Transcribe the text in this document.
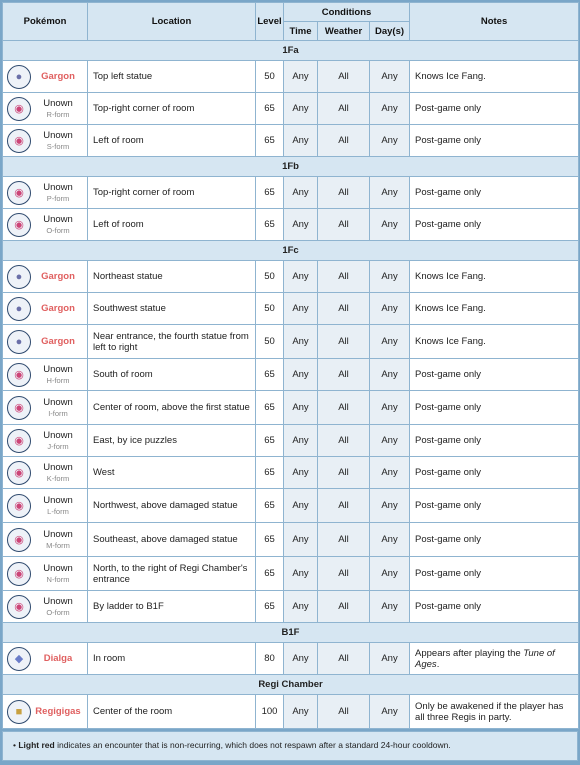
Pokémon	Location	Level	Conditions			Notes
			Time	Weather	Day(s)	
1Fa						

● Gargon	Top left statue	50	Any	All	Any	Knows Ice Fang.

◉ Unown
R-form	Top-right corner of room	65	Any	All	Any	Post-game only

◉ Unown
S-form	Left of room	65	Any	All	Any	Post-game only
1Fb						

◉ Unown
P-form	Top-right corner of room	65	Any	All	Any	Post-game only

◉ Unown
O-form	Left of room	65	Any	All	Any	Post-game only
1Fc						

● Gargon	Northeast statue	50	Any	All	Any	Knows Ice Fang.

● Gargon	Southwest statue	50	Any	All	Any	Knows Ice Fang.

● Gargon	Near entrance, the fourth statue from left to right	50	Any	All	Any	Knows Ice Fang.

◉ Unown
H-form	South of room	65	Any	All	Any	Post-game only

◉ Unown
I-form	Center of room, above the first statue	65	Any	All	Any	Post-game only

◉ Unown
J-form	East, by ice puzzles	65	Any	All	Any	Post-game only

◉ Unown
K-form	West	65	Any	All	Any	Post-game only

◉ Unown
L-form	Northwest, above damaged statue	65	Any	All	Any	Post-game only

◉ Unown
M-form	Southeast, above damaged statue	65	Any	All	Any	Post-game only

◉ Unown
N-form	North, to the right of Regi Chamber's entrance	65	Any	All	Any	Post-game only

◉ Unown
O-form	By ladder to B1F	65	Any	All	Any	Post-game only
B1F						

◆ Dialga	In room	80	Any	All	Any	Appears after playing the Tune of Ages.
Regi Chamber						

■ Regigigas	Center of the room	100	Any	All	Any	Only be awakened if the player has all three Regis in party.
• Light red indicates an encounter that is non-recurring, which does not respawn after a standard 24-hour cooldown.
